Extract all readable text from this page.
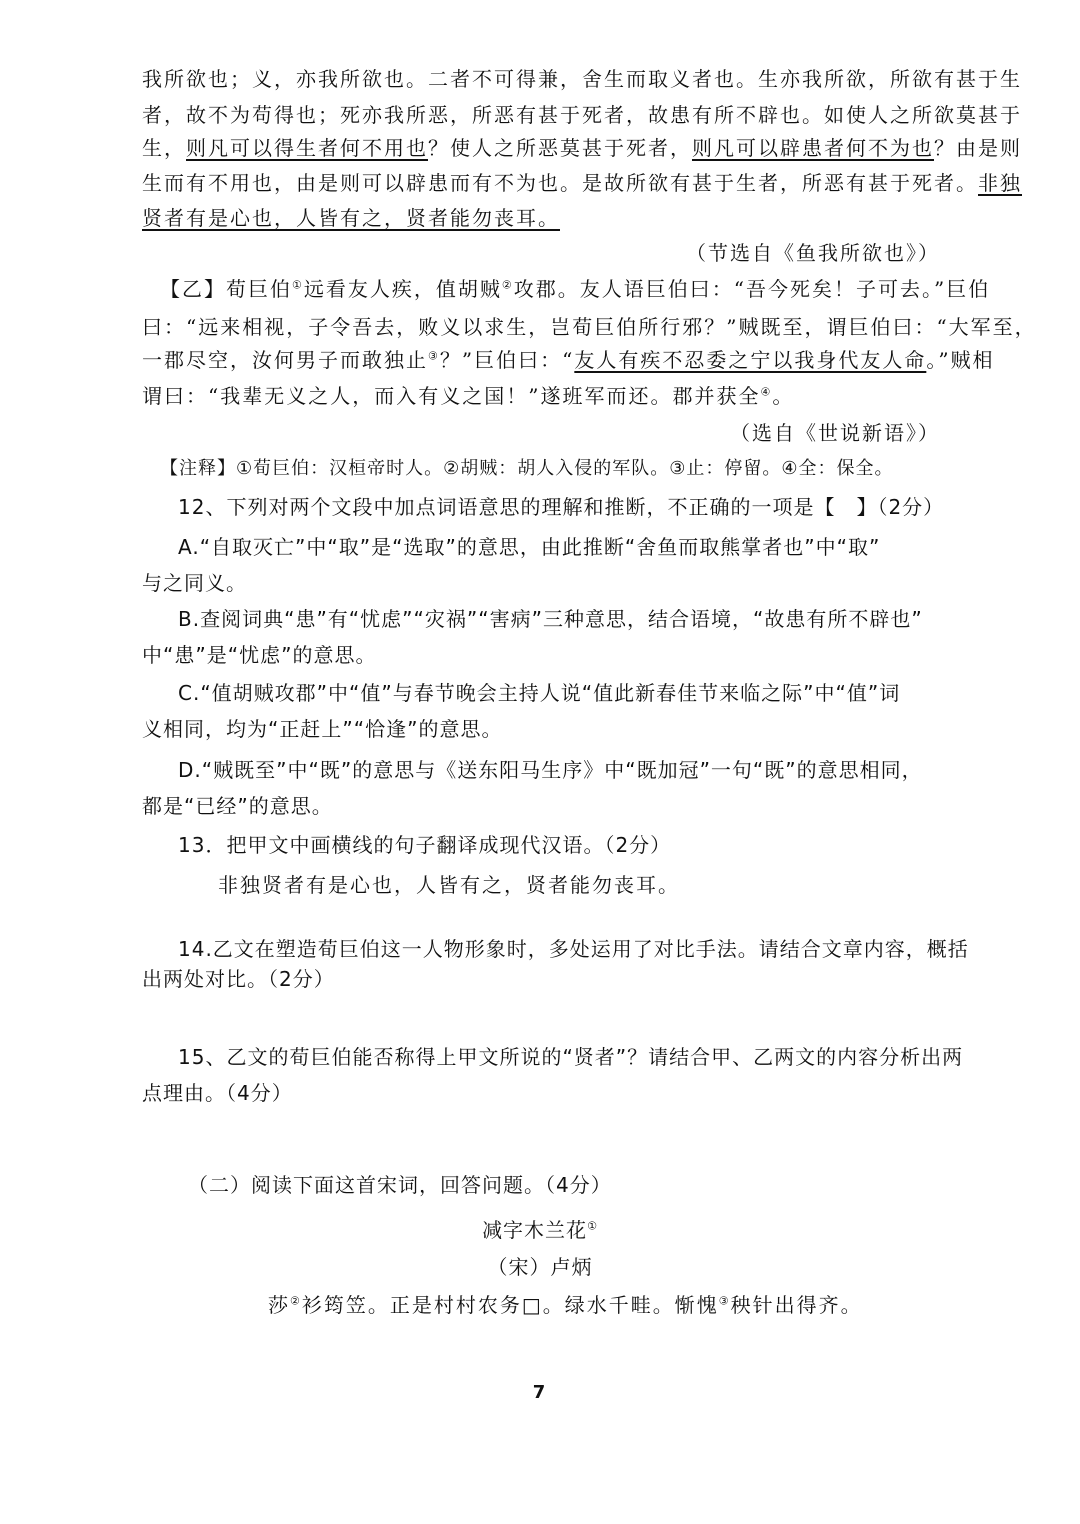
我所欲也；义，亦我所欲也。二者不可得兼，舍生而取义者也。生亦我所欲，所欲有甚于生
者，故不为苟得也；死亦我所恶，所恶有甚于死者，故患有所不辟也。如使人之所欲莫甚于
生，则凡可以得生者何不用也？使人之所恶莫甚于死者，则凡可以辟患者何不为也？由是则
生而有不用也，由是则可以辟患而有不为也。是故所欲有甚于生者，所恶有甚于死者。非独
贤者有是心也，人皆有之，贤者能勿丧耳。
（节选自《鱼我所欲也》）
【乙】荀巨伯①远看友人疾，值胡贼②攻郡。友人语巨伯曰：“吾今死矣！子可去。”巨伯
曰：“远来相视，子令吾去，败义以求生，岂荀巨伯所行邪？”贼既至，谓巨伯曰：“大军至，
一郡尽空，汝何男子而敢独止③？”巨伯曰：“友人有疾不忍委之宁以我身代友人命。”贼相
谓曰：“我辈无义之人，而入有义之国！”遂班军而还。郡并获全④。
（选自《世说新语》）
【注释】①荀巨伯：汉桓帝时人。②胡贼：胡人入侵的军队。③止：停留。④全：保全。
12、下列对两个文段中加点词语意思的理解和推断，不正确的一项是【　】（2分）
A.“自取灭亡”中“取”是“选取”的意思，由此推断“舍鱼而取熊掌者也”中“取”
与之同义。
B.查阅词典“患”有“忧虑”“灾祸”“害病”三种意思，结合语境，“故患有所不辟也”
中“患”是“忧虑”的意思。
C.“值胡贼攻郡”中“值”与春节晚会主持人说“值此新春佳节来临之际”中“值”词
义相同，均为“正赶上”“恰逢”的意思。
D.“贼既至”中“既”的意思与《送东阳马生序》中“既加冠”一句“既”的意思相同，
都是“已经”的意思。
13．把甲文中画横线的句子翻译成现代汉语。（2分）
非独贤者有是心也，人皆有之，贤者能勿丧耳。
14.乙文在塑造荀巨伯这一人物形象时，多处运用了对比手法。请结合文章内容，概括
出两处对比。（2分）
15、乙文的荀巨伯能否称得上甲文所说的“贤者”？请结合甲、乙两文的内容分析出两
点理由。（4分）
（二）阅读下面这首宋词，回答问题。（4分）
减字木兰花①
（宋）卢炳
莎②衫筠笠。正是村村农务□。绿水千畦。惭愧③秧针出得齐。
7
